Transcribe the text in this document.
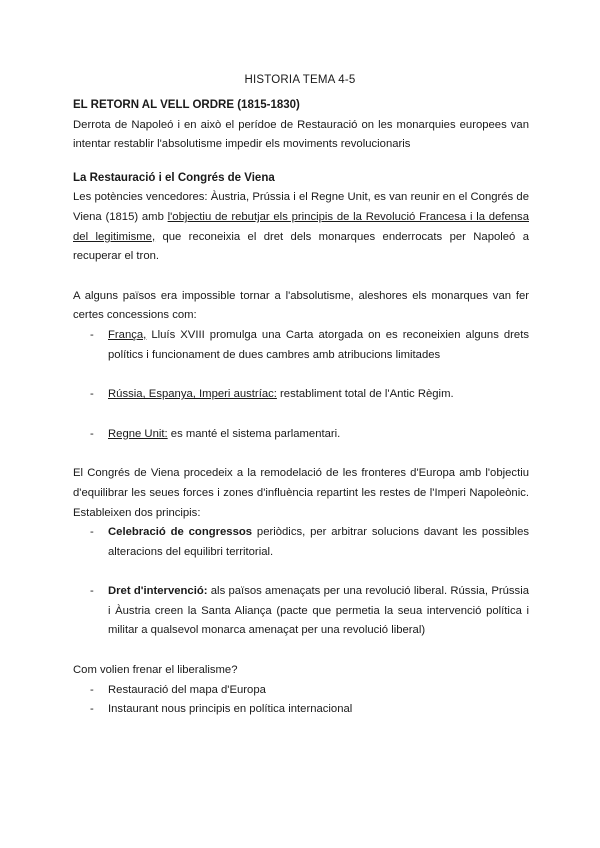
HISTORIA TEMA 4-5

EL RETORN AL VELL ORDRE (1815-1830)

Derrota de Napoleó i en això el perídoe de Restauració on les monarquies europees van intentar restablir l'absolutisme impedir els moviments revolucionaris

La Restauració i el Congrés de Viena

Les potències vencedores: Àustria, Prússia i el Regne Unit, es van reunir en el Congrés de Viena (1815) amb l'objectiu de rebutjar els principis de la Revolució Francesa i la defensa del legitimisme, que reconeixia el dret dels monarques enderrocats per Napoleó a recuperar el tron.

A alguns països era impossible tornar a l'absolutisme, aleshores els monarques van fer certes concessions com:

- França, Lluís XVIII promulga una Carta atorgada on es reconeixien alguns drets polítics i funcionament de dues cambres amb atribucions limitades
- Rússia, Espanya, Imperi austríac: restabliment total de l'Antic Règim.
- Regne Unit: es manté el sistema parlamentari.

El Congrés de Viena procedeix a la remodelació de les fronteres d'Europa amb l'objectiu d'equilibrar les seues forces i zones d'influència repartint les restes de l'Imperi Napoleònic. Estableixen dos principis:

- Celebració de congressos periòdics, per arbitrar solucions davant les possibles alteracions del equilibri territorial.
- Dret d'intervenció: als països amenaçats per una revolució liberal. Rússia, Prússia i Àustria creen la Santa Aliança (pacte que permetia la seua intervenció política i militar a qualsevol monarca amenaçat per una revolució liberal)

Com volien frenar el liberalisme?

- Restauració del mapa d'Europa
- Instaurant nous principis en política internacional
